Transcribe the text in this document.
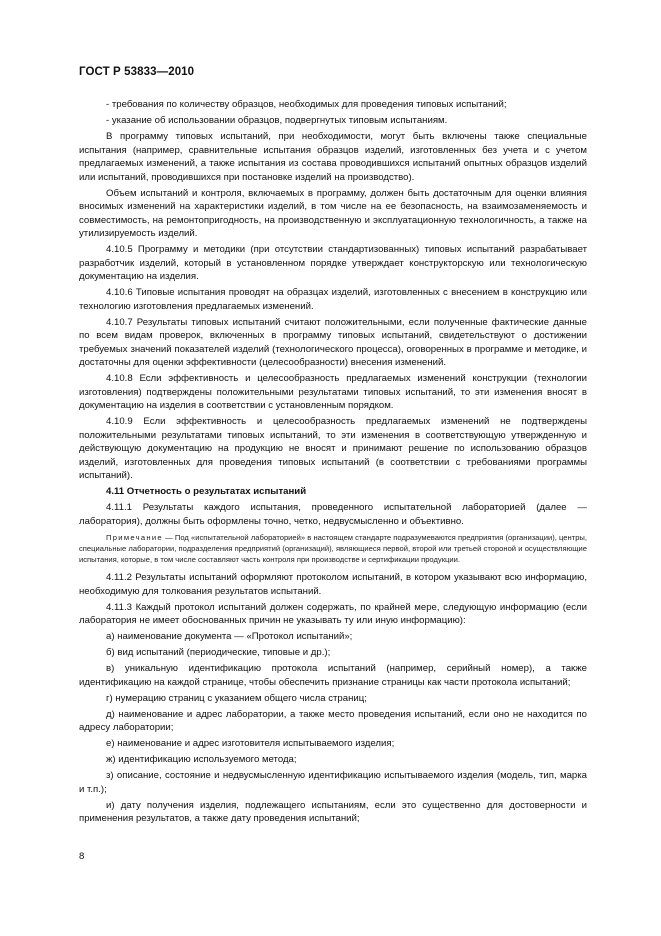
ГОСТ Р 53833—2010

- требования по количеству образцов, необходимых для проведения типовых испытаний;

- указание об использовании образцов, подвергнутых типовым испытаниям.

В программу типовых испытаний, при необходимости, могут быть включены также специальные испытания (например, сравнительные испытания образцов изделий, изготовленных без учета и с учетом предлагаемых изменений, а также испытания из состава проводившихся испытаний опытных образцов изделий или испытаний, проводившихся при постановке изделий на производство).

Объем испытаний и контроля, включаемых в программу, должен быть достаточным для оценки влияния вносимых изменений на характеристики изделий, в том числе на ее безопасность, на взаимозаменяемость и совместимость, на ремонтопригодность, на производственную и эксплуатационную технологичность, а также на утилизируемость изделий.

4.10.5 Программу и методики (при отсутствии стандартизованных) типовых испытаний разрабатывает разработчик изделий, который в установленном порядке утверждает конструкторскую или технологическую документацию на изделия.

4.10.6 Типовые испытания проводят на образцах изделий, изготовленных с внесением в конструкцию или технологию изготовления предлагаемых изменений.

4.10.7 Результаты типовых испытаний считают положительными, если полученные фактические данные по всем видам проверок, включенных в программу типовых испытаний, свидетельствуют о достижении требуемых значений показателей изделий (технологического процесса), оговоренных в программе и методике, и достаточны для оценки эффективности (целесообразности) внесения изменений.

4.10.8 Если эффективность и целесообразность предлагаемых изменений конструкции (технологии изготовления) подтверждены положительными результатами типовых испытаний, то эти изменения вносят в документацию на изделия в соответствии с установленным порядком.

4.10.9 Если эффективность и целесообразность предлагаемых изменений не подтверждены положительными результатами типовых испытаний, то эти изменения в соответствующую утвержденную и действующую документацию на продукцию не вносят и принимают решение по использованию образцов изделий, изготовленных для проведения типовых испытаний (в соответствии с требованиями программы испытаний).

4.11 Отчетность о результатах испытаний

4.11.1 Результаты каждого испытания, проведенного испытательной лабораторией (далее — лаборатория), должны быть оформлены точно, четко, недвусмысленно и объективно.

Примечание — Под «испытательной лабораторией» в настоящем стандарте подразумеваются предприятия (организации), центры, специальные лаборатории, подразделения предприятий (организаций), являющиеся первой, второй или третьей стороной и осуществляющие испытания, которые, в том числе составляют часть контроля при производстве и сертификации продукции.

4.11.2 Результаты испытаний оформляют протоколом испытаний, в котором указывают всю информацию, необходимую для толкования результатов испытаний.

4.11.3 Каждый протокол испытаний должен содержать, по крайней мере, следующую информацию (если лаборатория не имеет обоснованных причин не указывать ту или иную информацию):

а) наименование документа — «Протокол испытаний»;

б) вид испытаний (периодические, типовые и др.);

в) уникальную идентификацию протокола испытаний (например, серийный номер), а также идентификацию на каждой странице, чтобы обеспечить признание страницы как части протокола испытаний;

г) нумерацию страниц с указанием общего числа страниц;

д) наименование и адрес лаборатории, а также место проведения испытаний, если оно не находится по адресу лаборатории;

е) наименование и адрес изготовителя испытываемого изделия;

ж) идентификацию используемого метода;

з) описание, состояние и недвусмысленную идентификацию испытываемого изделия (модель, тип, марка и т.п.);

и) дату получения изделия, подлежащего испытаниям, если это существенно для достоверности и применения результатов, а также дату проведения испытаний;

8
